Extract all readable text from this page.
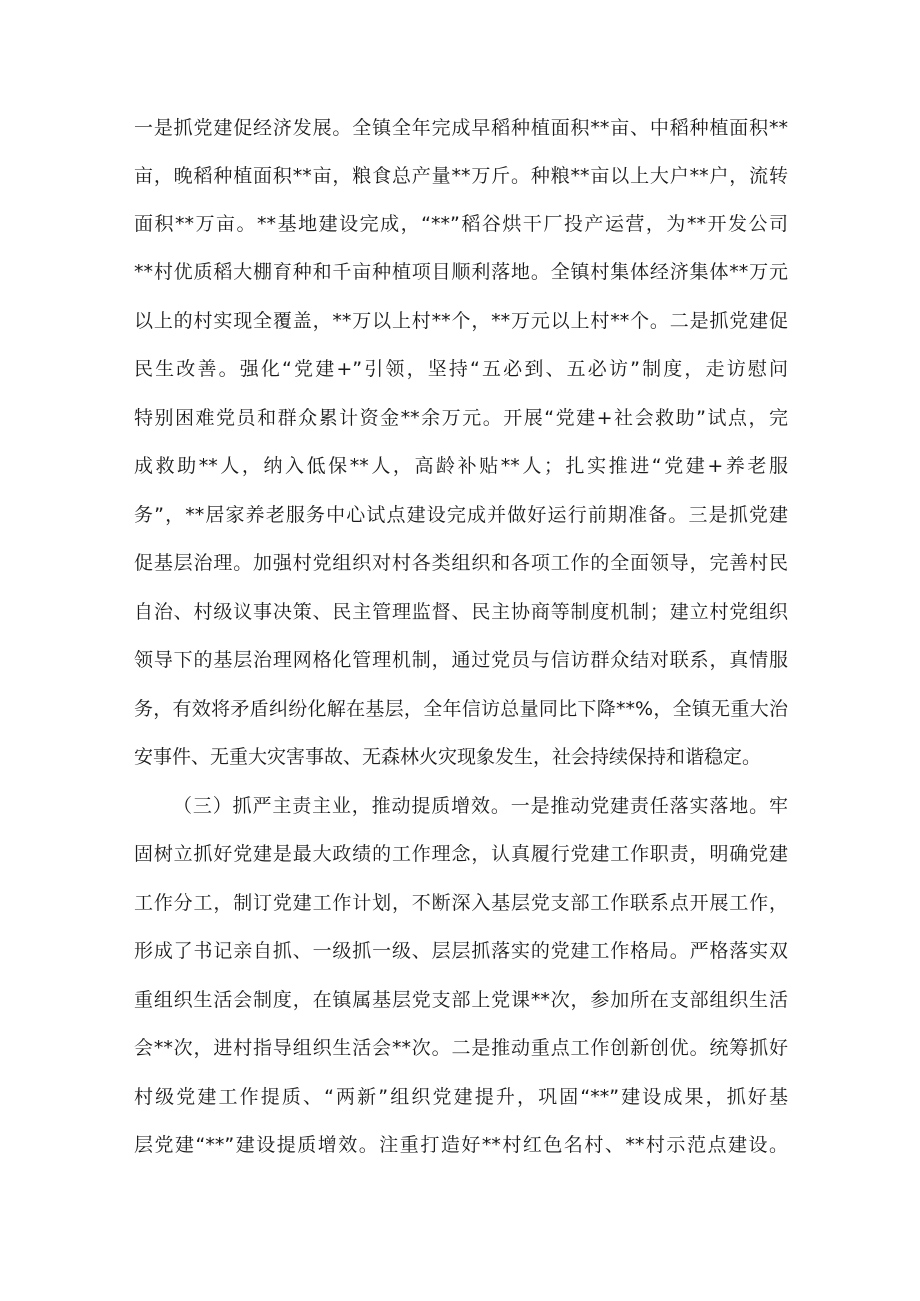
一是抓党建促经济发展。全镇全年完成早稻种植面积**亩、中稻种植面积**
亩，晚稻种植面积**亩，粮食总产量**万斤。种粮**亩以上大户**户，流转
面积**万亩。**基地建设完成，“**”稻谷烘干厂投产运营，为**开发公司
**村优质稻大棚育种和千亩种植项目顺利落地。全镇村集体经济集体**万元
以上的村实现全覆盖，**万以上村**个，**万元以上村**个。二是抓党建促
民生改善。强化“党建+”引领，坚持“五必到、五必访”制度，走访慰问
特别困难党员和群众累计资金**余万元。开展“党建+社会救助”试点，完
成救助**人，纳入低保**人，高龄补贴**人；扎实推进“党建+养老服
务”，**居家养老服务中心试点建设完成并做好运行前期准备。三是抓党建
促基层治理。加强村党组织对村各类组织和各项工作的全面领导，完善村民
自治、村级议事决策、民主管理监督、民主协商等制度机制；建立村党组织
领导下的基层治理网格化管理机制，通过党员与信访群众结对联系，真情服
务，有效将矛盾纠纷化解在基层，全年信访总量同比下降**%，全镇无重大治
安事件、无重大灾害事故、无森林火灾现象发生，社会持续保持和谐稳定。
（三）抓严主责主业，推动提质增效。一是推动党建责任落实落地。牢
固树立抓好党建是最大政绩的工作理念，认真履行党建工作职责，明确党建
工作分工，制订党建工作计划，不断深入基层党支部工作联系点开展工作，
形成了书记亲自抓、一级抓一级、层层抓落实的党建工作格局。严格落实双
重组织生活会制度，在镇属基层党支部上党课**次，参加所在支部组织生活
会**次，进村指导组织生活会**次。二是推动重点工作创新创优。统筹抓好
村级党建工作提质、“两新”组织党建提升，巩固“**”建设成果，抓好基
层党建“**”建设提质增效。注重打造好**村红色名村、**村示范点建设。
